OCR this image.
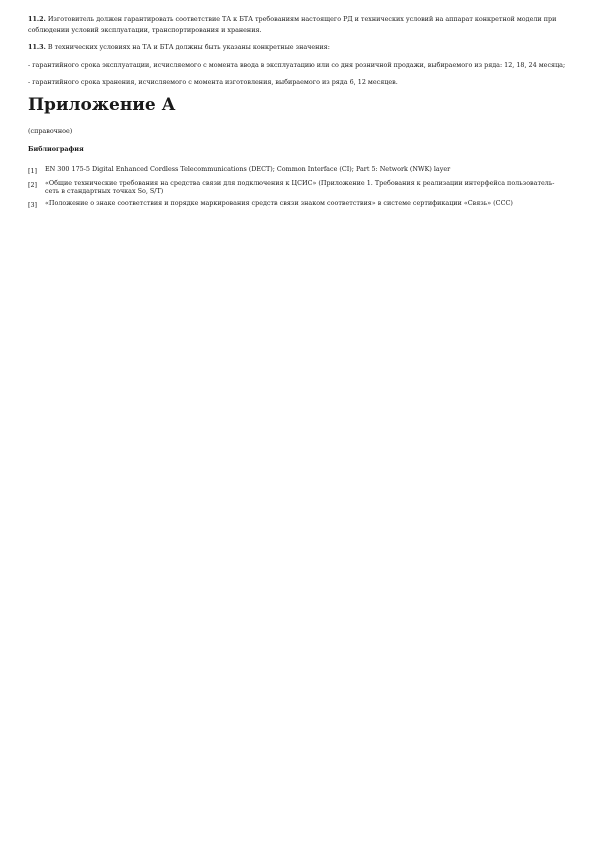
11.2. Изготовитель должен гарантировать соответствие ТА к БТА требованиям настоящего РД и технических условий на аппарат конкретной модели при соблюдении условий эксплуатации, транспортирования и хранения.

11.3. В технических условиях на ТА и БТА должны быть указаны конкретные значения:

- гарантийного срока эксплуатации, исчисляемого с момента ввода в эксплуатацию или со дня розничной продажи, выбираемого из ряда: 12, 18, 24 месяца;

- гарантийного срока хранения, исчисляемого с момента изготовления, выбираемого из ряда 6, 12 месяцев.

Приложение А

(справочное)

Библиография

[1]	EN 300 175-5 Digital Enhanced Cordless Telecommunications (DECT); Common Interface (CI); Part 5: Network (NWK) layer
[2]	«Общие технические требования на средства связи для подключения к ЦСИС» (Приложение 1. Требования к реализации интерфейса пользователь-сеть в стандартных точках So, S/T)
[3]	«Положение о знаке соответствия и порядке маркирования средств связи знаком соответствия» в системе сертификации «Связь» (ССС)
